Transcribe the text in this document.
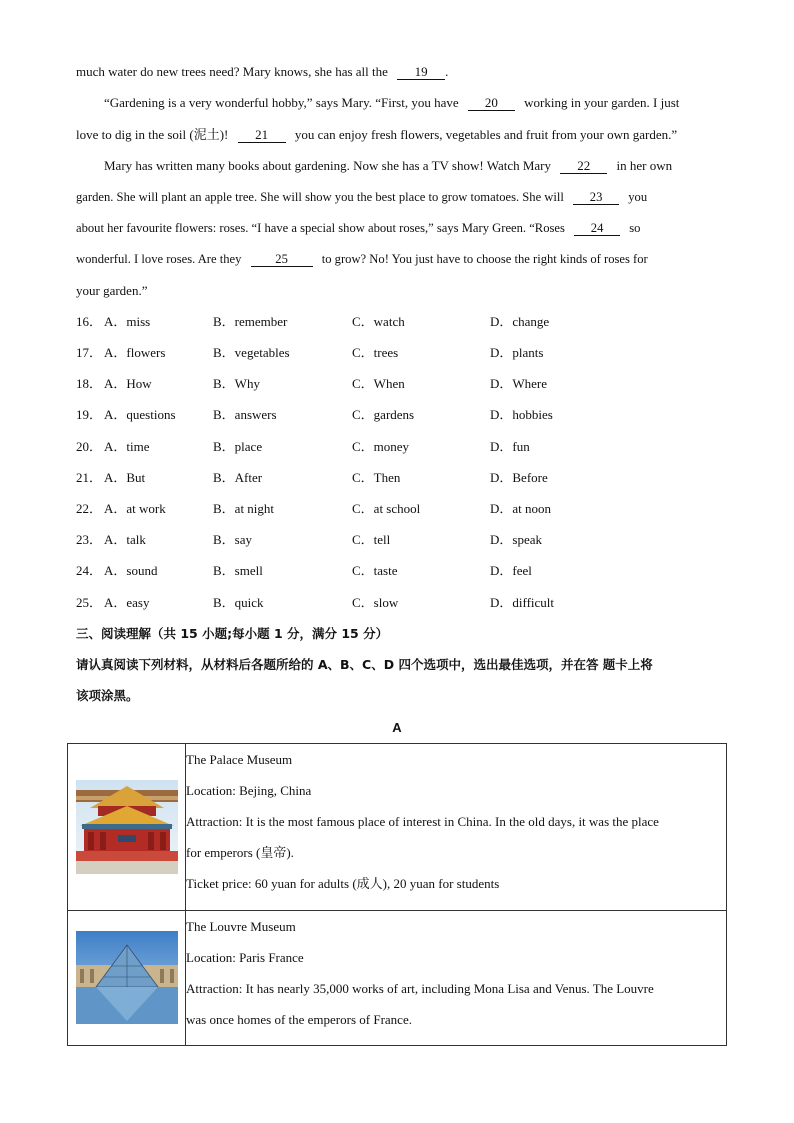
much water do new trees need? Mary knows, she has all the 19 .
“Gardening is a very wonderful hobby,” says Mary. “First, you have 20 working in your garden. I just
love to dig in the soil (泥土)! 21 you can enjoy fresh flowers, vegetables and fruit from your own garden.”
Mary has written many books about gardening. Now she has a TV show! Watch Mary 22 in her own
garden. She will plant an apple tree. She will show you the best place to grow tomatoes. She will 23 you
about her favourite flowers: roses. “I have a special show about roses,” says Mary Green. “Roses 24 so
wonderful. I love roses. Are they	25	to grow? No! You just have to choose the right kinds of roses for
your garden.”
16． A．miss	B．remember	C．watch	D．change
17． A．flowers	B．vegetables	C．trees	D．plants
18． A．How	B．Why	C．When	D．Where
19． A．questions	B．answers	C．gardens	D．hobbies
20． A．time	B．place	C．money	D．fun
21． A．But	B．After	C．Then	D．Before
22． A．at work	B．at night	C．at school	D．at noon
23． A．talk	B．say	C．tell	D．speak
24． A．sound	B．smell	C．taste	D．feel
25． A．easy	B．quick	C．slow	D．difficult
三、阅读理解（共 15 小题;每小题 1 分，满分 15 分）
请认真阅读下列材料，从材料后各题所给的 A、B、C、D 四个选项中，选出最佳选项，并在答 题卡上将
该项涂黑。
A

The Palace Museum
Location: Bejing, China
Attraction: It is the most famous place of interest in China. In the old days, it was the place
for emperors (皇帝).
Ticket price: 60 yuan for adults (成人), 20 yuan for students

The Louvre Museum
Location: Paris France
Attraction: It has nearly 35,000 works of art, including Mona Lisa and Venus. The Louvre
was once homes of the emperors of France.
